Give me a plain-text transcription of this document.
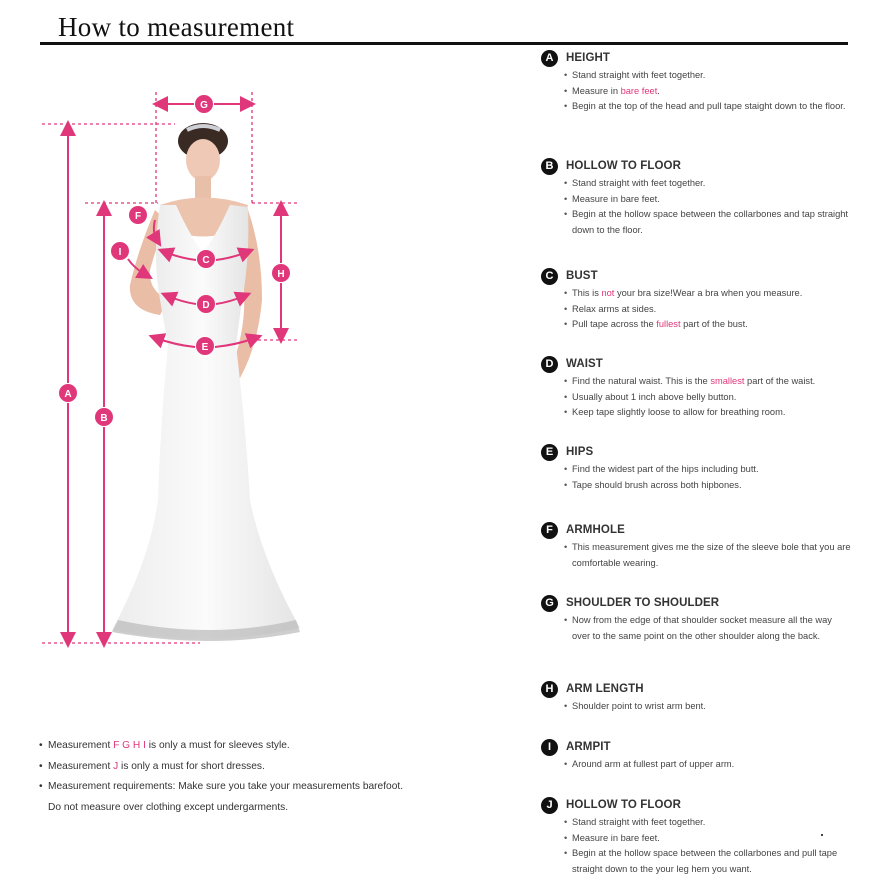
How to measurement
A
B
C
D
E
F
G
H
I
A	HEIGHT
• Stand straight with feet together.
• Measure in bare feet.
• Begin at the top of the head and pull tape staight down to the floor.
B	HOLLOW TO FLOOR
• Stand straight with feet together.
• Measure in bare feet.
• Begin at the hollow space between the collarbones and tap straight down to the floor.
C	BUST
• This is not your bra size!Wear a bra when you measure.
• Relax arms at sides.
• Pull tape across the fullest part of the bust.
D	WAIST
• Find the natural waist. This is the smallest part of the waist.
• Usually about 1 inch above belly button.
• Keep tape slightly loose to allow for breathing room.
E	HIPS
• Find the widest part of the hips including butt.
• Tape should brush across both hipbones.
F	ARMHOLE
• This measurement gives me the size of the sleeve bole that you are comfortable wearing.
G	SHOULDER TO SHOULDER
• Now from the edge of that shoulder socket measure all the way over to the same point on the other shoulder along the back.
H	ARM LENGTH
• Shoulder point to wrist arm bent.
I	ARMPIT
• Around arm at fullest part of upper arm.
J	HOLLOW TO FLOOR
• Stand straight with feet together.
• Measure in bare feet.
• Begin at the hollow space between the collarbones and pull tape straight down to the your leg hem you want.
• Measurement F G H I is only a must for sleeves style.
• Measurement J is only a must for short dresses.
• Measurement requirements: Make sure you take your measurements barefoot.
Do not measure over clothing except undergarments.
